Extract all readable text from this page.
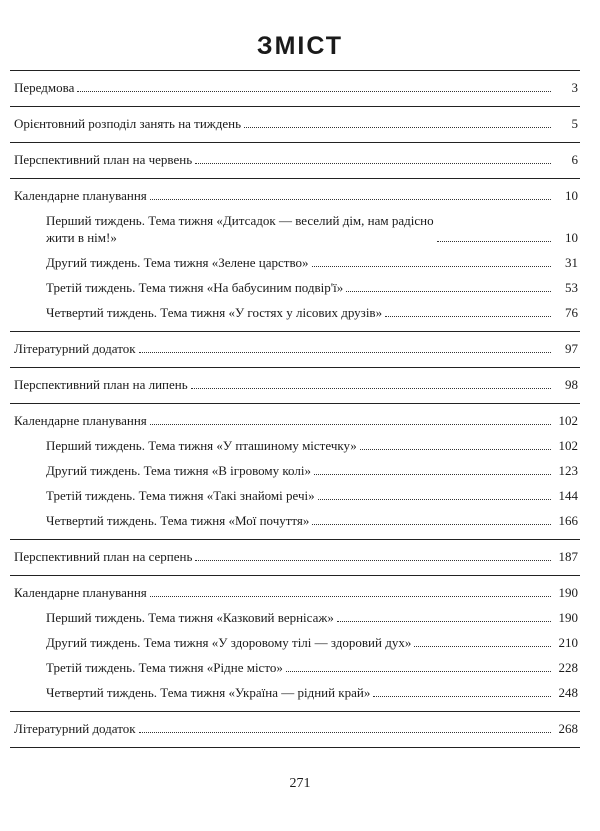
ЗМІСТ
Передмова	3
Орієнтовний розподіл занять на тиждень	5
Перспективний план на червень	6
Календарне планування	10
Перший тиждень. Тема тижня «Дитсадок — веселий дім, нам радісно
жити в нім!»	10
Другий тиждень. Тема тижня «Зелене царство»	31
Третій тиждень. Тема тижня «На бабусиним подвір'ї»	53
Четвертий тиждень. Тема тижня «У гостях у лісових друзів»	76
Літературний додаток	97
Перспективний план на липень	98
Календарне планування	102
Перший тиждень. Тема тижня «У пташиному містечку»	102
Другий тиждень. Тема тижня «В ігровому колі»	123
Третій тиждень. Тема тижня «Такі знайомі речі»	144
Четвертий тиждень. Тема тижня «Мої почуття»	166
Перспективний план на серпень	187
Календарне планування	190
Перший тиждень. Тема тижня «Казковий вернісаж»	190
Другий тиждень. Тема тижня «У здоровому тілі — здоровий дух»	210
Третій тиждень. Тема тижня «Рідне місто»	228
Четвертий тиждень. Тема тижня «Україна — рідний край»	248
Літературний додаток	268
271
